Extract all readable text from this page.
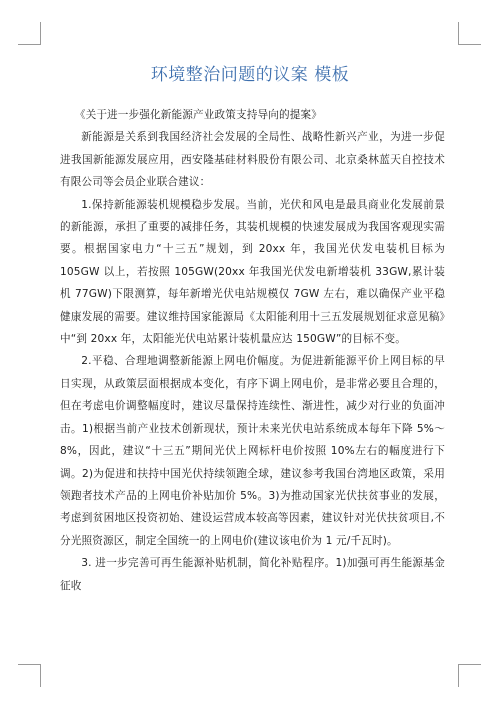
环境整治问题的议案 模板

《关于进一步强化新能源产业政策支持导向的提案》

新能源是关系到我国经济社会发展的全局性、战略性新兴产业，为进一步促进我国新能源发展应用，西安隆基硅材料股份有限公司、北京桑林蓝天自控技术有限公司等会员企业联合建议：

1.保持新能源装机规模稳步发展。当前，光伏和风电是最具商业化发展前景的新能源，承担了重要的减排任务，其装机规模的快速发展成为我国客观现实需要。根据国家电力“十三五”规划，到 20xx 年，我国光伏发电装机目标为 105GW 以上，若按照 105GW(20xx 年我国光伏发电新增装机 33GW,累计装机 77GW)下限测算，每年新增光伏电站规模仅 7GW 左右，难以确保产业平稳健康发展的需要。建议维持国家能源局《太阳能利用十三五发展规划征求意见稿》中“到 20xx 年，太阳能光伏电站累计装机量应达 150GW”的目标不变。

2.平稳、合理地调整新能源上网电价幅度。为促进新能源平价上网目标的早日实现，从政策层面根据成本变化，有序下调上网电价，是非常必要且合理的，但在考虑电价调整幅度时，建议尽量保持连续性、渐进性，减少对行业的负面冲击。1)根据当前产业技术创新现状，预计未来光伏电站系统成本每年下降 5%～8%，因此，建议“十三五”期间光伏上网标杆电价按照 10%左右的幅度进行下调。2)为促进和扶持中国光伏持续领跑全球，建议参考我国台湾地区政策，采用领跑者技术产品的上网电价补贴加价 5%。3)为推动国家光伏扶贫事业的发展，考虑到贫困地区投资初始、建设运营成本较高等因素，建议针对光伏扶贫项目,不分光照资源区，制定全国统一的上网电价(建议该电价为 1 元/千瓦时)。

3. 进一步完善可再生能源补贴机制，简化补贴程序。1)加强可再生能源基金征收
